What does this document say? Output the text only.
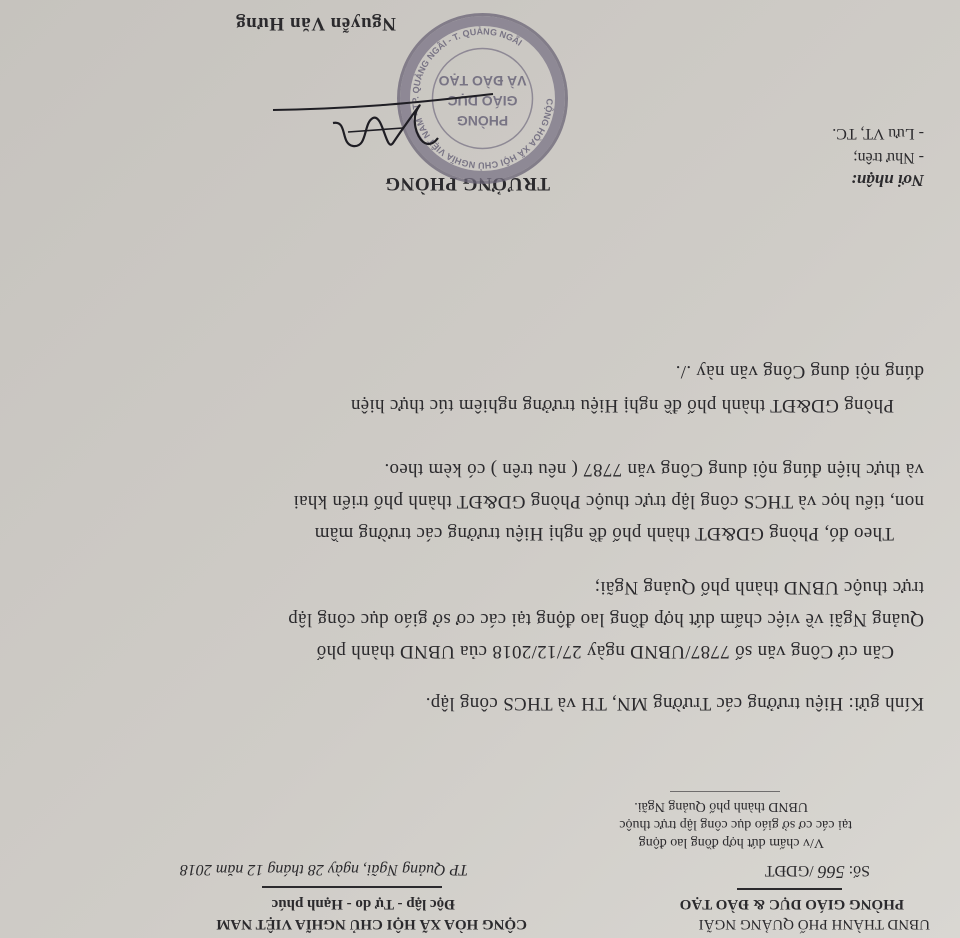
UBND THÀNH PHỐ QUẢNG NGÃI
PHÒNG GIÁO DỤC & ĐÀO TẠO
CỘNG HÒA XÃ HỘI CHỦ NGHĨA VIỆT NAM
Độc lập - Tự do - Hạnh phúc
Số: 566 /GDĐT
TP Quảng Ngãi, ngày 28 tháng 12 năm 2018
V/v chấm dứt hợp đồng lao động
tại các cơ sở giáo dục công lập trực thuộc
UBND thành phố Quảng Ngãi.
Kính gửi: Hiệu trưởng các Trường MN, TH và THCS công lập.
Căn cứ Công văn số 7787/UBND ngày 27/12/2018 của UBND thành phố
Quảng Ngãi về việc chấm dứt hợp đồng lao động tại các cơ sở giáo dục công lập
trực thuộc UBND thành phố Quảng Ngãi;
Theo đó, Phòng GD&ĐT thành phố đề nghị Hiệu trưởng các trường mầm
non, tiểu học và THCS công lập trực thuộc Phòng GD&ĐT thành phố triển khai
và thực hiện đúng nội dung Công văn 7787 ( nêu trên ) có kèm theo.
Phòng GD&ĐT thành phố đề nghị Hiệu trưởng nghiêm túc thực hiện
đúng nội dung Công văn này ./.
Nơi nhận:
- Như trên;
- Lưu VT, TC.
TRƯỞNG PHÒNG
CỘNG HÒA XÃ HỘI CHỦ NGHĨA VIỆT NAM * TP. QUẢNG NGÃI - T. QUẢNG NGÃI
PHÒNG
GIÁO DỤC
VÀ ĐÀO TẠO
Nguyễn Văn Hưng
